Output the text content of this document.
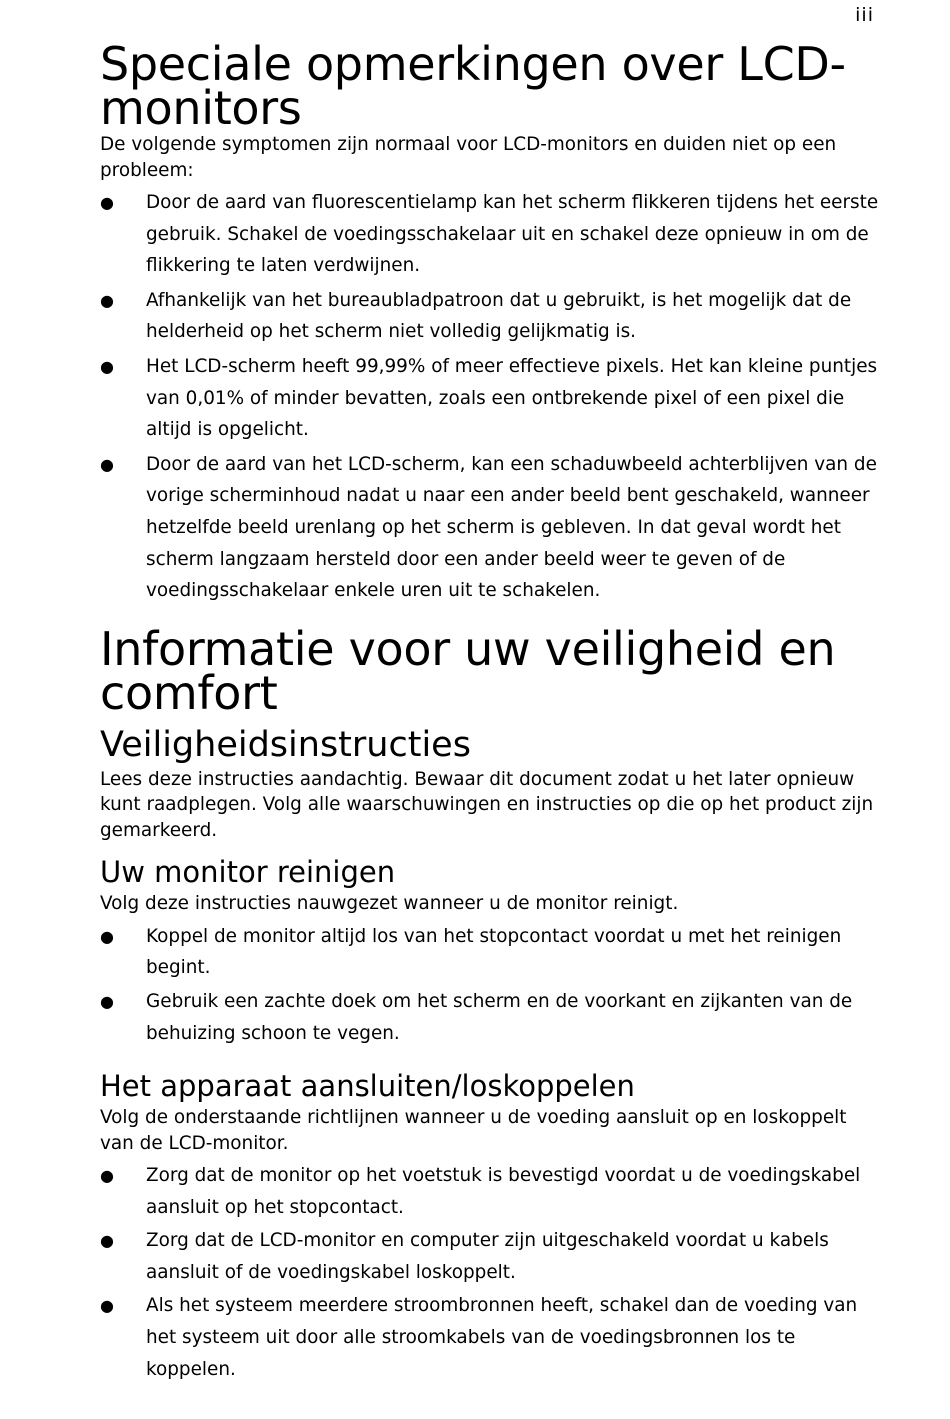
iii
Speciale opmerkingen over LCD-monitors

De volgende symptomen zijn normaal voor LCD-monitors en duiden niet op een probleem:

● Door de aard van fluorescentielamp kan het scherm flikkeren tijdens het eerste gebruik. Schakel de voedingsschakelaar uit en schakel deze opnieuw in om de flikkering te laten verdwijnen.
● Afhankelijk van het bureaubladpatroon dat u gebruikt, is het mogelijk dat de helderheid op het scherm niet volledig gelijkmatig is.
● Het LCD-scherm heeft 99,99% of meer effectieve pixels. Het kan kleine puntjes van 0,01% of minder bevatten, zoals een ontbrekende pixel of een pixel die altijd is opgelicht.
● Door de aard van het LCD-scherm, kan een schaduwbeeld achterblijven van de vorige scherminhoud nadat u naar een ander beeld bent geschakeld, wanneer hetzelfde beeld urenlang op het scherm is gebleven. In dat geval wordt het scherm langzaam hersteld door een ander beeld weer te geven of de voedingsschakelaar enkele uren uit te schakelen.
Informatie voor uw veiligheid en comfort
Veiligheidsinstructies

Lees deze instructies aandachtig. Bewaar dit document zodat u het later opnieuw kunt raadplegen. Volg alle waarschuwingen en instructies op die op het product zijn gemarkeerd.

Uw monitor reinigen

Volg deze instructies nauwgezet wanneer u de monitor reinigt.

● Koppel de monitor altijd los van het stopcontact voordat u met het reinigen begint.
● Gebruik een zachte doek om het scherm en de voorkant en zijkanten van de behuizing schoon te vegen.
Het apparaat aansluiten/loskoppelen

Volg de onderstaande richtlijnen wanneer u de voeding aansluit op en loskoppelt van de LCD-monitor.

● Zorg dat de monitor op het voetstuk is bevestigd voordat u de voedingskabel aansluit op het stopcontact.
● Zorg dat de LCD-monitor en computer zijn uitgeschakeld voordat u kabels aansluit of de voedingskabel loskoppelt.
● Als het systeem meerdere stroombronnen heeft, schakel dan de voeding van het systeem uit door alle stroomkabels van de voedingsbronnen los te koppelen.
